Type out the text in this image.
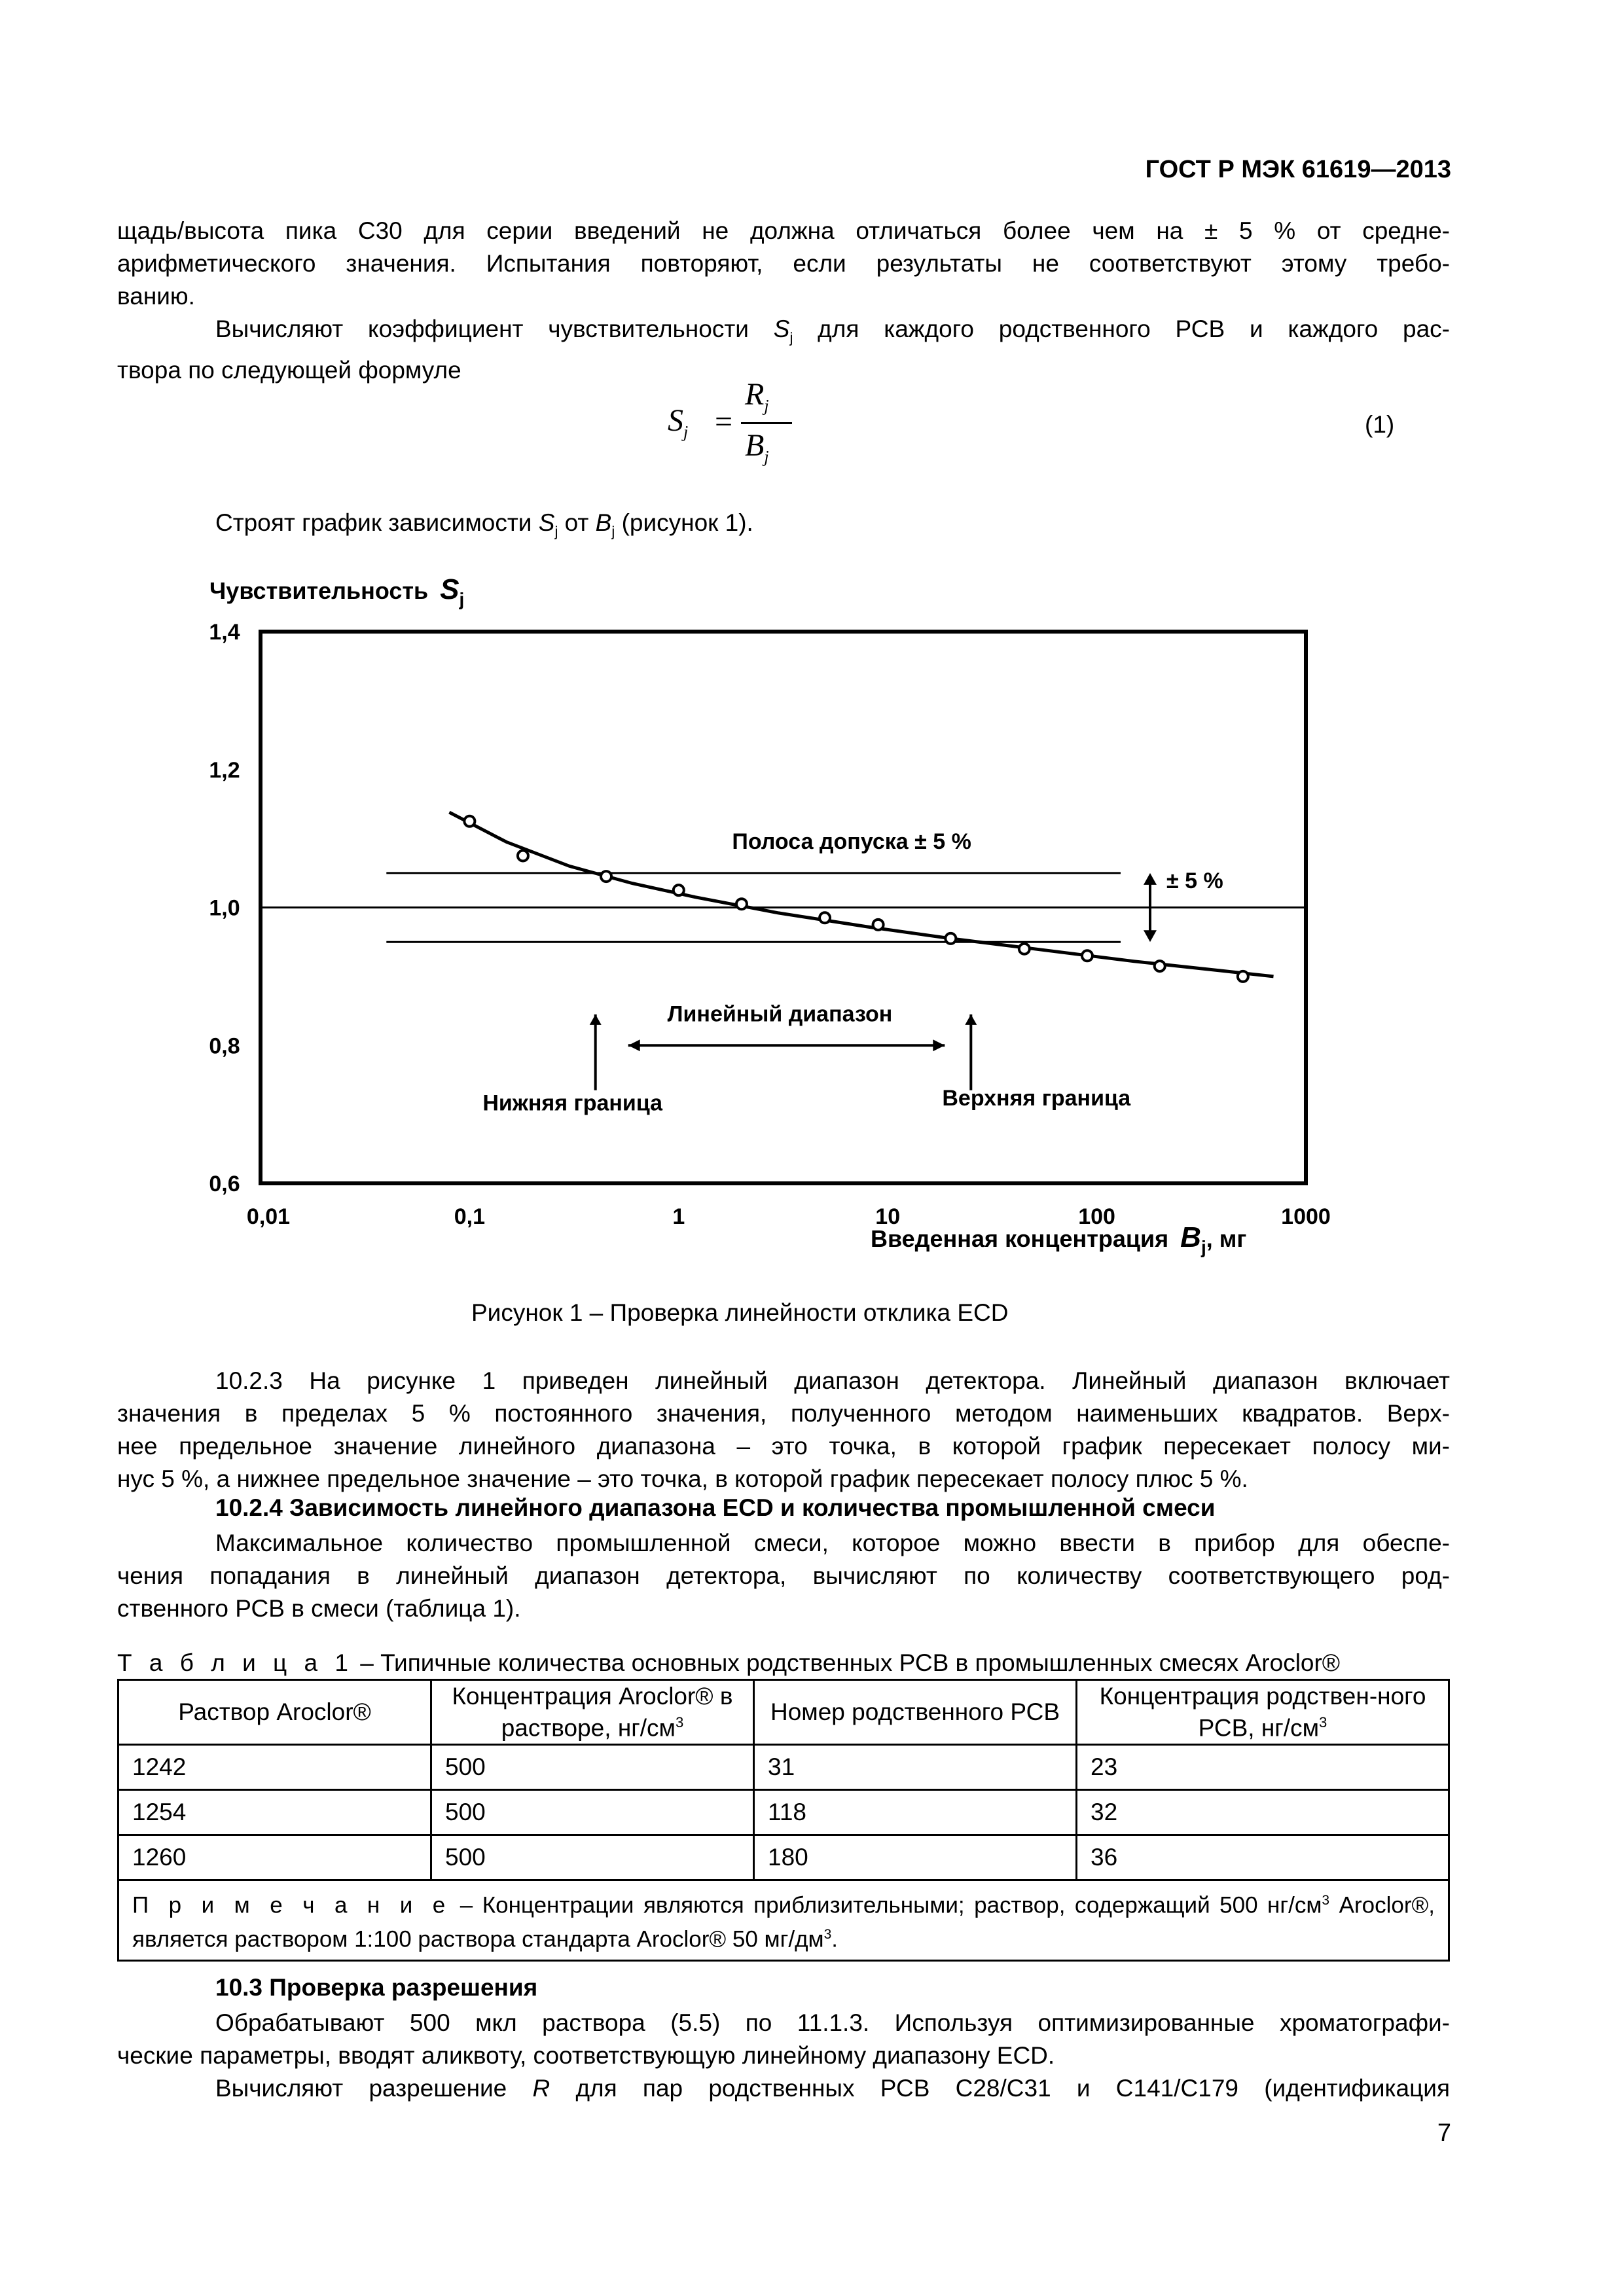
ГОСТ Р МЭК 61619—2013
щадь/высота пика С30 для серии введений не должна отличаться более чем на ± 5 % от средне-
арифметического значения. Испытания повторяют, если результаты не соответствуют этому требо-
ванию.
Вычисляют коэффициент чувствительности $S_j$ для каждого родственного РСВ и каждого рас-
твора по следующей формуле
$S_j$ =
$R_j$
$B_j$
(1)
Строят график зависимости $S_j$ от $B_j$ (рисунок 1).
Чувствительность $S_j$
0,6
0,8
1,0
1,2
1,4
0,01	0,1	1	10	100	1000
Полоса допуска ± 5 %
± 5 %
Линейный диапазон
Нижняя граница	Верхняя граница
Введенная концентрация $B_j$, мг
Рисунок 1 – Проверка линейности отклика ECD
10.2.3 На рисунке 1 приведен линейный диапазон детектора. Линейный диапазон включает
значения в пределах 5 % постоянного значения, полученного методом наименьших квадратов. Верх-
нее предельное значение линейного диапазона – это точка, в которой график пересекает полосу ми-
нус 5 %, а нижнее предельное значение – это точка, в которой график пересекает полосу плюс 5 %.
10.2.4 Зависимость линейного диапазона ECD и количества промышленной смеси
Максимальное количество промышленной смеси, которое можно ввести в прибор для обеспе-
чения попадания в линейный диапазон детектора, вычисляют по количеству соответствующего род-
ственного РСВ в смеси (таблица 1).
Т а б л и ц а 1 – Типичные количества основных родственных РСВ в промышленных смесях Aroclor®
Раствор Aroclor®	Концентрация Aroclor® в растворе, $нг/см^3$	Номер родственного РСВ	Концентрация родствен-ного РСВ, $нг/см^3$
1242	500	31	23
1254	500	118	32
1260	500	180	36
П р и м е ч а н и е – Концентрации являются приблизительными; раствор, содержащий 500 $нг/см^3$ Aroclor®, является раствором 1:100 раствора стандарта Aroclor® 50 $мг/дм^3$.			
10.3 Проверка разрешения
Обрабатывают 500 мкл раствора (5.5) по 11.1.3. Используя оптимизированные хроматографи-
ческие параметры, вводят аликвоту, соответствующую линейному диапазону ECD.
Вычисляют разрешение R для пар родственных РСВ С28/С31 и С141/С179 (идентификация
7
